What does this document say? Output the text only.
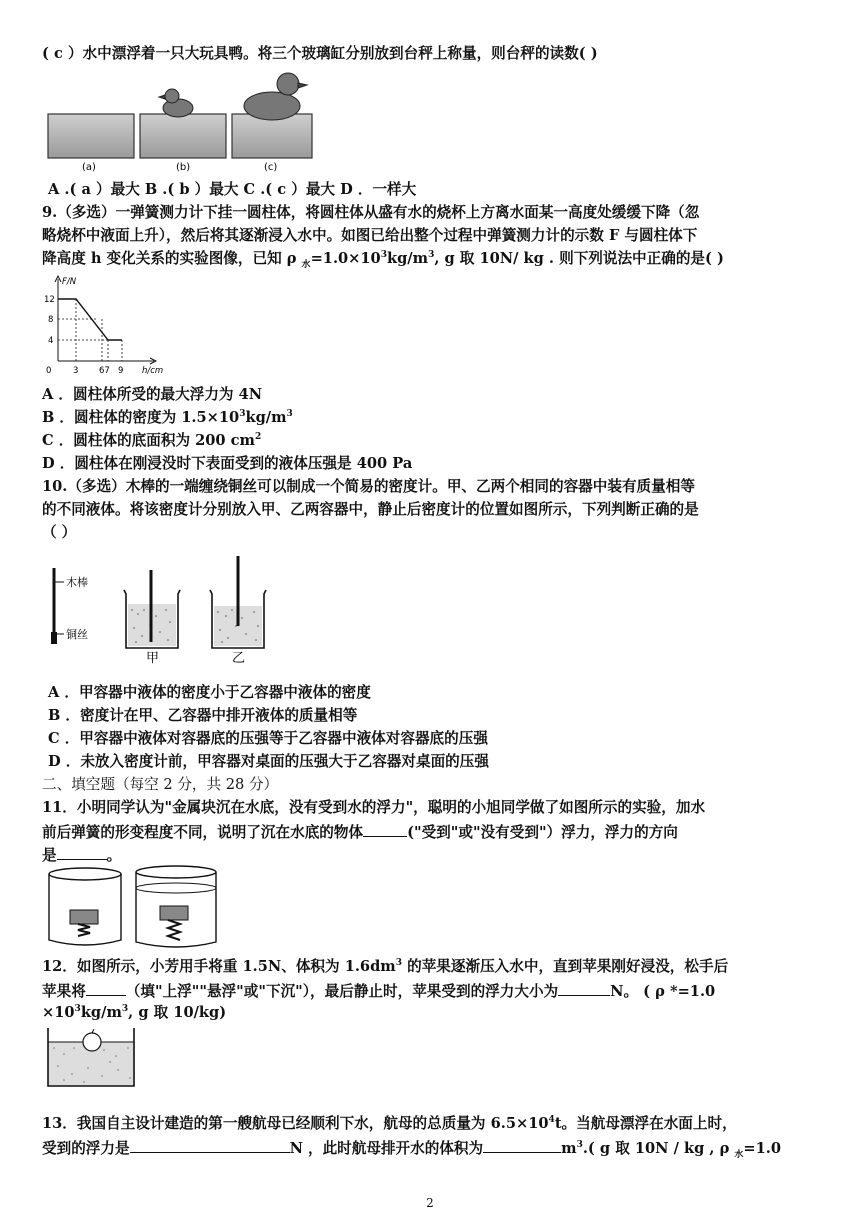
( c ）水中漂浮着一只大玩具鸭。将三个玻璃缸分别放到台秤上称量，则台秤的读数( )
(a)	(b)	(c)
A .( a ）最大 B .( b ）最大 C .( c ）最大 D ．一样大
9.（多选）一弹簧测力计下挂一圆柱体，将圆柱体从盛有水的烧杯上方离水面某一高度处缓缓下降（忽
略烧杯中液面上升），然后将其逐渐浸入水中。如图已给出整个过程中弹簧测力计的示数 F 与圆柱体下
降高度 h 变化关系的实验图像，已知 ρ $_水=1.0\times 10^3kg/m^3$, g 取 10N/ kg . 则下列说法中正确的是( )
F/N
h/cm
12
8
4
0	3 67 9
A ．圆柱体所受的最大浮力为 4N
B ．圆柱体的密度为 $1.5\times 10^3kg/m^3$
C ．圆柱体的底面积为 200 $cm^2$
D ．圆柱体在刚浸没时下表面受到的液体压强是 400 Pa
10.（多选）木棒的一端缠绕铜丝可以制成一个简易的密度计。甲、乙两个相同的容器中装有质量相等
的不同液体。将该密度计分别放入甲、乙两容器中，静止后密度计的位置如图所示，下列判断正确的是
（ ）
木棒
铜丝
甲	乙
A ．甲容器中液体的密度小于乙容器中液体的密度
B ．密度计在甲、乙容器中排开液体的质量相等
C ．甲容器中液体对容器底的压强等于乙容器中液体对容器底的压强
D ．未放入密度计前，甲容器对桌面的压强大于乙容器对桌面的压强
二、填空题（每空 2 分，共 28 分）
11．小明同学认为"金属块沉在水底，没有受到水的浮力"，聪明的小旭同学做了如图所示的实验，加水
前后弹簧的形变程度不同，说明了沉在水底的物体	("受到"或"没有受到"）浮力，浮力的方向
是	。
12．如图所示，小芳用手将重 1.5N、体积为 $1.6dm^3$ 的苹果逐渐压入水中，直到苹果刚好浸没，松手后
苹果将	（填"上浮""悬浮"或"下沉"），最后静止时，苹果受到的浮力大小为	N。 ( ρ *=1.0
$\times 10^3kg/m^3$, g 取 10/kg)
13．我国自主设计建造的第一艘航母已经顺利下水，航母的总质量为 $6.5\times 10^4t$。当航母漂浮在水面上时，
受到的浮力是	N ，此时航母排开水的体积为	$m^3$.( g 取 10N / kg , ρ $_水$=1.0
2
